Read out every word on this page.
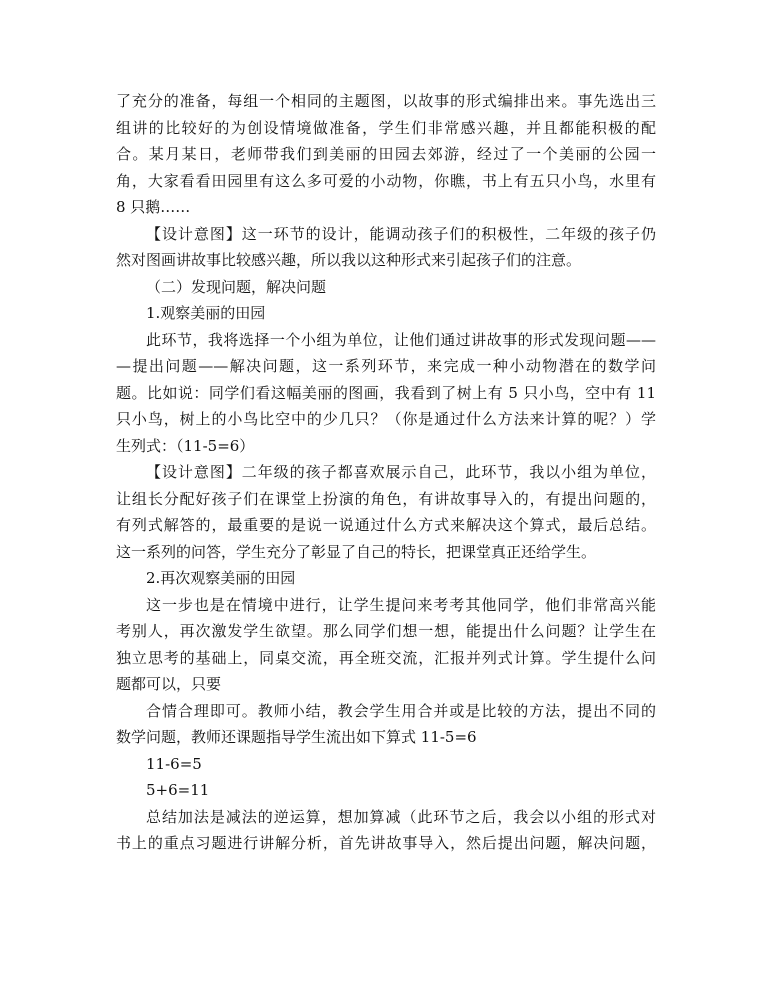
了充分的准备，每组一个相同的主题图，以故事的形式编排出来。事先选出三
组讲的比较好的为创设情境做准备，学生们非常感兴趣，并且都能积极的配
合。某月某日，老师带我们到美丽的田园去郊游，经过了一个美丽的公园一
角，大家看看田园里有这么多可爱的小动物，你瞧，书上有五只小鸟，水里有
8 只鹅……
【设计意图】这一环节的设计，能调动孩子们的积极性，二年级的孩子仍
然对图画讲故事比较感兴趣，所以我以这种形式来引起孩子们的注意。
（二）发现问题，解决问题
1.观察美丽的田园
此环节，我将选择一个小组为单位，让他们通过讲故事的形式发现问题——
—提出问题——解决问题，这一系列环节，来完成一种小动物潜在的数学问
题。比如说：同学们看这幅美丽的图画，我看到了树上有 5 只小鸟，空中有 11
只小鸟，树上的小鸟比空中的少几只？（你是通过什么方法来计算的呢？）学
生列式：（11-5=6）
【设计意图】二年级的孩子都喜欢展示自己，此环节，我以小组为单位，
让组长分配好孩子们在课堂上扮演的角色，有讲故事导入的，有提出问题的，
有列式解答的，最重要的是说一说通过什么方式来解决这个算式，最后总结。
这一系列的问答，学生充分了彰显了自己的特长，把课堂真正还给学生。
2.再次观察美丽的田园
这一步也是在情境中进行，让学生提问来考考其他同学，他们非常高兴能
考别人，再次激发学生欲望。那么同学们想一想，能提出什么问题？让学生在
独立思考的基础上，同桌交流，再全班交流，汇报并列式计算。学生提什么问
题都可以，只要
合情合理即可。教师小结，教会学生用合并或是比较的方法，提出不同的
数学问题，教师还课题指导学生流出如下算式 11-5=6
11-6=5
5+6=11
总结加法是减法的逆运算，想加算减（此环节之后，我会以小组的形式对
书上的重点习题进行讲解分析，首先讲故事导入，然后提出问题，解决问题，
